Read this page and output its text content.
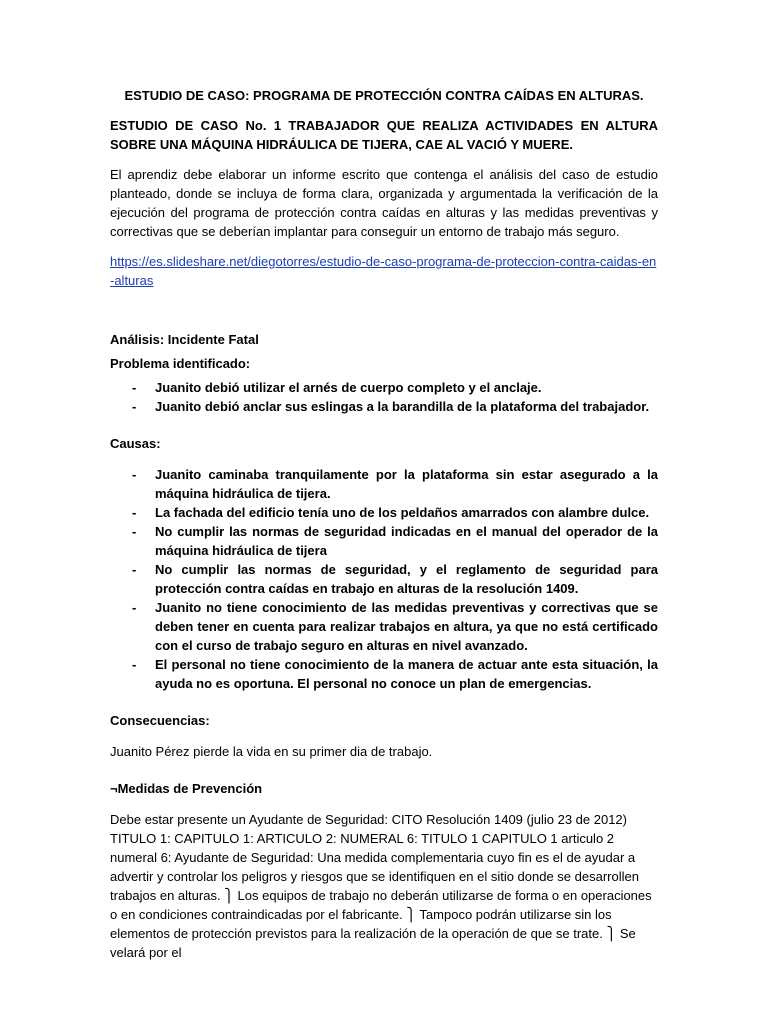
ESTUDIO DE CASO: PROGRAMA DE PROTECCIÓN CONTRA CAÍDAS EN ALTURAS.

ESTUDIO DE CASO No. 1 TRABAJADOR QUE REALIZA ACTIVIDADES EN ALTURA SOBRE UNA MÁQUINA HIDRÁULICA DE TIJERA, CAE AL VACIÓ Y MUERE.

El aprendiz debe elaborar un informe escrito que contenga el análisis del caso de estudio planteado, donde se incluya de forma clara, organizada y argumentada la verificación de la ejecución del programa de protección contra caídas en alturas y las medidas preventivas y correctivas que se deberían implantar para conseguir un entorno de trabajo más seguro.

https://es.slideshare.net/diegotorres/estudio-de-caso-programa-de-proteccion-contra-caidas-en-alturas

Análisis: Incidente Fatal

Problema identificado:

- Juanito debió utilizar el arnés de cuerpo completo y el anclaje.
- Juanito debió anclar sus eslingas a la barandilla de la plataforma del trabajador.

Causas:

- Juanito caminaba tranquilamente por la plataforma sin estar asegurado a la máquina hidráulica de tijera.
- La fachada del edificio tenía uno de los peldaños amarrados con alambre dulce.
- No cumplir las normas de seguridad indicadas en el manual del operador de la máquina hidráulica de tijera
- No cumplir las normas de seguridad, y el reglamento de seguridad para protección contra caídas en trabajo en alturas de la resolución 1409.
- Juanito no tiene conocimiento de las medidas preventivas y correctivas que se deben tener en cuenta para realizar trabajos en altura, ya que no está certificado con el curso de trabajo seguro en alturas en nivel avanzado.
- El personal no tiene conocimiento de la manera de actuar ante esta situación, la ayuda no es oportuna. El personal no conoce un plan de emergencias.

Consecuencias:

Juanito Pérez pierde la vida en su primer dia de trabajo.

¬Medidas de Prevención

Debe estar presente un Ayudante de Seguridad: CITO Resolución 1409 (julio 23 de 2012) TITULO 1: CAPITULO 1: ARTICULO 2: NUMERAL 6: TITULO 1 CAPITULO 1 articulo 2 numeral 6: Ayudante de Seguridad: Una medida complementaria cuyo fin es el de ayudar a advertir y controlar los peligros y riesgos que se identifiquen en el sitio donde se desarrollen trabajos en alturas. ⎫ Los equipos de trabajo no deberán utilizarse de forma o en operaciones o en condiciones contraindicadas por el fabricante. ⎫ Tampoco podrán utilizarse sin los elementos de protección previstos para la realización de la operación de que se trate. ⎫ Se velará por el
